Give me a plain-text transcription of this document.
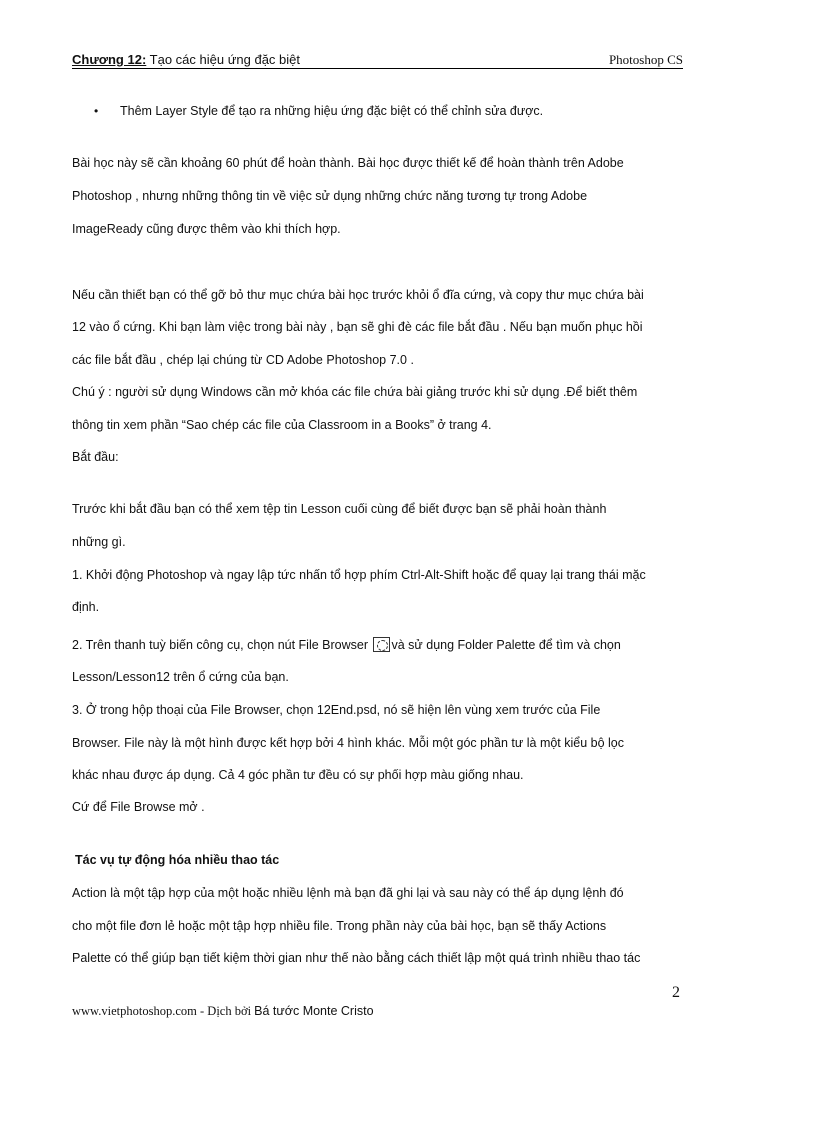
Chương 12: Tạo các hiệu ứng đặc biệt	Photoshop CS
• Thêm Layer Style để tạo ra những hiệu ứng đặc biệt có thể chỉnh sửa được.
Bài học này sẽ cần khoảng 60 phút để hoàn thành. Bài học được thiết kế để hoàn thành trên Adobe
Photoshop , nhưng những thông tin về việc sử dụng những chức năng tương tự trong Adobe
ImageReady cũng được thêm vào khi thích hợp.
Nếu cần thiết bạn có thể gỡ bỏ thư mục chứa bài học trước khỏi ổ đĩa cứng, và copy thư mục chứa bài
12 vào ổ cứng. Khi bạn làm việc trong bài này , bạn sẽ ghi đè các file bắt đầu . Nếu bạn muốn phục hồi
các file bắt đầu , chép lại chúng từ CD Adobe Photoshop 7.0 .
Chú ý : người sử dụng Windows cần mở khóa các file chứa bài giảng trước khi sử dụng .Để biết thêm
thông tin xem phần “Sao chép các file của Classroom in a Books” ở trang 4.
Bắt đầu:
Trước khi bắt đầu bạn có thể xem tệp tin Lesson cuối cùng để biết được bạn sẽ phải hoàn thành
những gì.
1. Khởi động Photoshop và ngay lập tức nhấn tổ hợp phím Ctrl-Alt-Shift hoặc để quay lại trang thái mặc
định.
2. Trên thanh tuỳ biến công cụ, chọn nút File Browser và sử dụng Folder Palette để tìm và chọn
Lesson/Lesson12 trên ổ cứng của bạn.
3. Ở trong hộp thoại của File Browser, chọn 12End.psd, nó sẽ hiện lên vùng xem trước của File
Browser. File này là một hình được kết hợp bởi 4 hình khác. Mỗi một góc phần tư là một kiểu bộ lọc
khác nhau được áp dụng. Cả 4 góc phần tư đều có sự phối hợp màu giống nhau.
Cứ để File Browse mở .
Tác vụ tự động hóa nhiều thao tác
Action là một tập hợp của một hoặc nhiều lệnh mà bạn đã ghi lại và sau này có thể áp dụng lệnh đó
cho một file đơn lẻ hoặc một tập hợp nhiều file. Trong phần này của bài học, bạn sẽ thấy Actions
Palette có thể giúp bạn tiết kiệm thời gian như thế nào bằng cách thiết lập một quá trình nhiều thao tác
2
www.vietphotoshop.com - Dịch bởi Bá tước Monte Cristo
